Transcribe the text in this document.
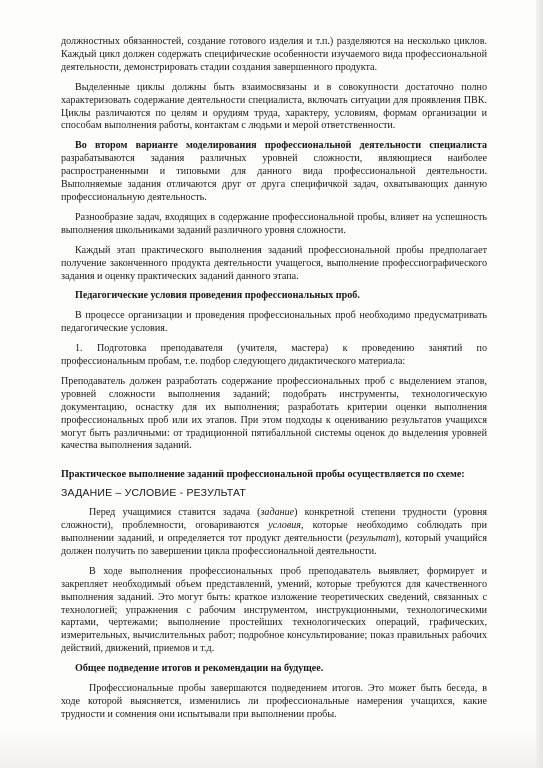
должностных обязанностей, создание готового изделия и т.п.) разделяются на несколько циклов. Каждый цикл должен содержать специфические особенности изучаемого вида профессиональной деятельности, демонстрировать стадии создания завершенного продукта.

Выделенные циклы должны быть взаимосвязаны и в совокупности достаточно полно характеризовать содержание деятельности специалиста, включать ситуации для проявления ПВК. Циклы различаются по целям и орудиям труда, характеру, условиям, формам организации и способам выполнения работы, контактам с людьми и мерой ответственности.

Во втором варианте моделирования профессиональной деятельности специалиста разрабатываются задания различных уровней сложности, являющиеся наиболее распространенными и типовыми для данного вида профессиональной деятельности. Выполняемые задания отличаются друг от друга специфичкой задач, охватывающих данную профессиональную деятельность.

Разнообразие задач, входящих в содержание профессиональной пробы, влияет на успешность выполнения школьниками заданий различного уровня сложности.

Каждый этап практического выполнения заданий профессиональной пробы предполагает получение законченного продукта деятельности учащегося, выполнение профессиографического задания и оценку практических заданий данного этапа.

Педагогические условия проведения профессиональных проб.

В процессе организации и проведения профессиональных проб необходимо предусматривать педагогические условия.

1. Подготовка преподавателя (учителя, мастера) к проведению занятий по профессиональным пробам, т.е. подбор следующего дидактического материала:

Преподаватель должен разработать содержание профессиональных проб с выделением этапов, уровней сложности выполнения заданий; подобрать инструменты, технологическую документацию, оснастку для их выполнения; разработать критерии оценки выполнения профессиональных проб или их этапов. При этом подходы к оцениванию результатов учащихся могут быть различными: от традиционной пятибалльной системы оценок до выделения уровней качества выполнения заданий.

Практическое выполнение заданий профессиональной пробы осуществляется по схеме:

ЗАДАНИЕ – УСЛОВИЕ - РЕЗУЛЬТАТ

Перед учащимися ставится задача (задание) конкретной степени трудности (уровня сложности), проблемности, оговариваются условия, которые необходимо соблюдать при выполнении заданий, и определяется тот продукт деятельности (результат), который учащийся должен получить по завершении цикла профессиональной деятельности.

В ходе выполнения профессиональных проб преподаватель выявляет, формирует и закрепляет необходимый объем представлений, умений, которые требуются для качественного выполнения заданий. Это могут быть: краткое изложение теоретических сведений, связанных с технологией; упражнения с рабочим инструментом, инструкционными, технологическими картами, чертежами; выполнение простейших технологических операций, графических, измерительных, вычислительных работ; подробное консультирование; показ правильных рабочих действий, движений, приемов и т.д.

Общее подведение итогов и рекомендации на будущее.

Профессиональные пробы завершаются подведением итогов. Это может быть беседа, в ходе которой выясняется, изменились ли профессиональные намерения учащихся, какие трудности и сомнения они испытывали при выполнении пробы.
